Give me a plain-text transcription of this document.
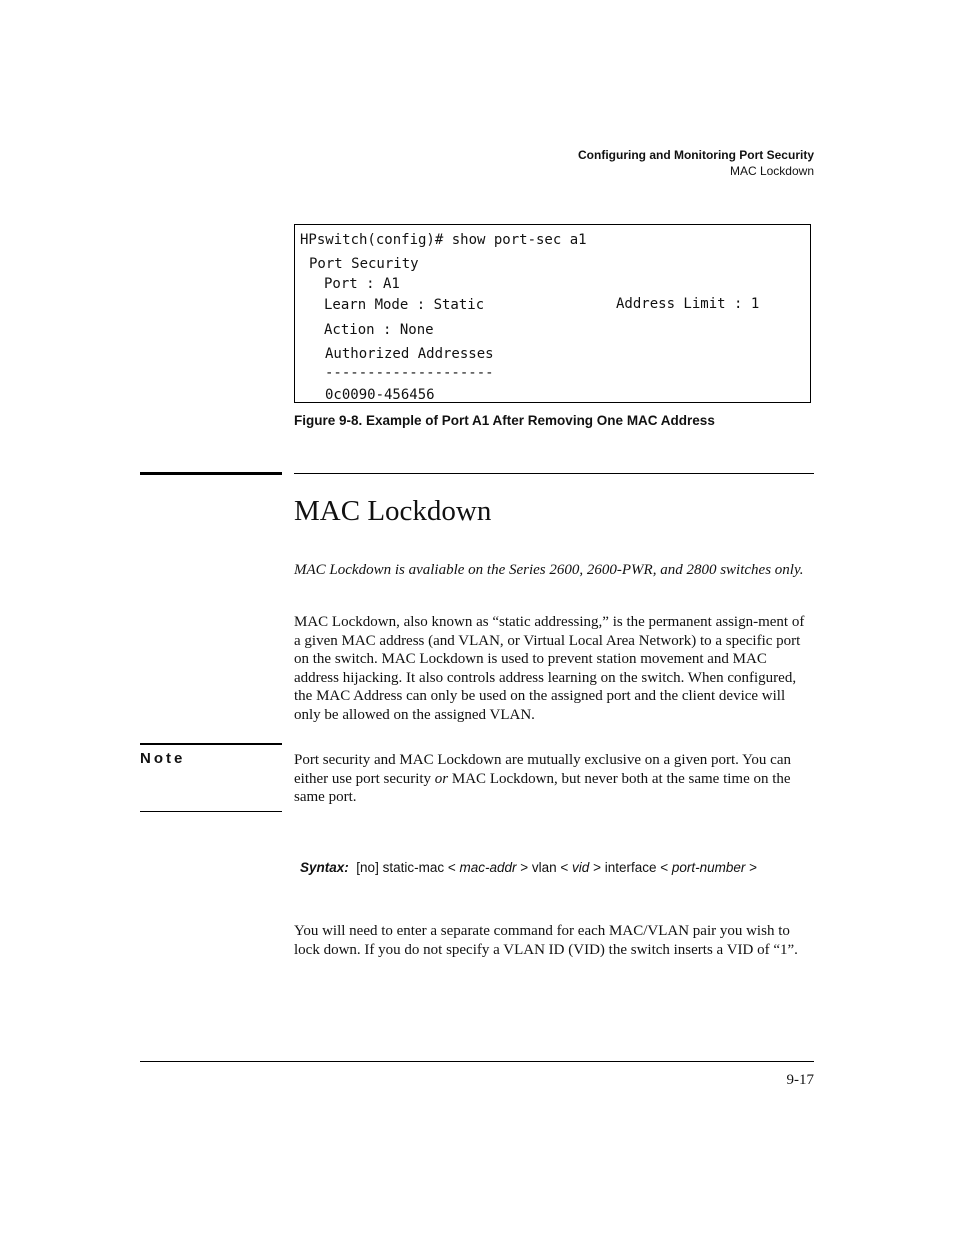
Configuring and Monitoring Port Security
MAC Lockdown
HPswitch(config)# show port-sec a1
Port Security
Port : A1
Learn Mode : Static	Address Limit : 1
Action : None
Authorized Addresses
--------------------
0c0090-456456
Figure 9-8. Example of Port A1 After Removing One MAC Address
MAC Lockdown
MAC Lockdown is avaliable on the Series 2600, 2600-PWR, and 2800 switches only.
MAC Lockdown, also known as “static addressing,” is the permanent assign-ment of a given MAC address (and VLAN, or Virtual Local Area Network) to a specific port on the switch. MAC Lockdown is used to prevent station movement and MAC address hijacking. It also controls address learning on the switch. When configured, the MAC Address can only be used on the assigned port and the client device will only be allowed on the assigned VLAN.
Note	Port security and MAC Lockdown are mutually exclusive on a given port. You can either use port security or MAC Lockdown, but never both at the same time on the same port.
Syntax: [no] static-mac < mac-addr > vlan < vid > interface < port-number >
You will need to enter a separate command for each MAC/VLAN pair you wish to lock down. If you do not specify a VLAN ID (VID) the switch inserts a VID of “1”.
9-17
